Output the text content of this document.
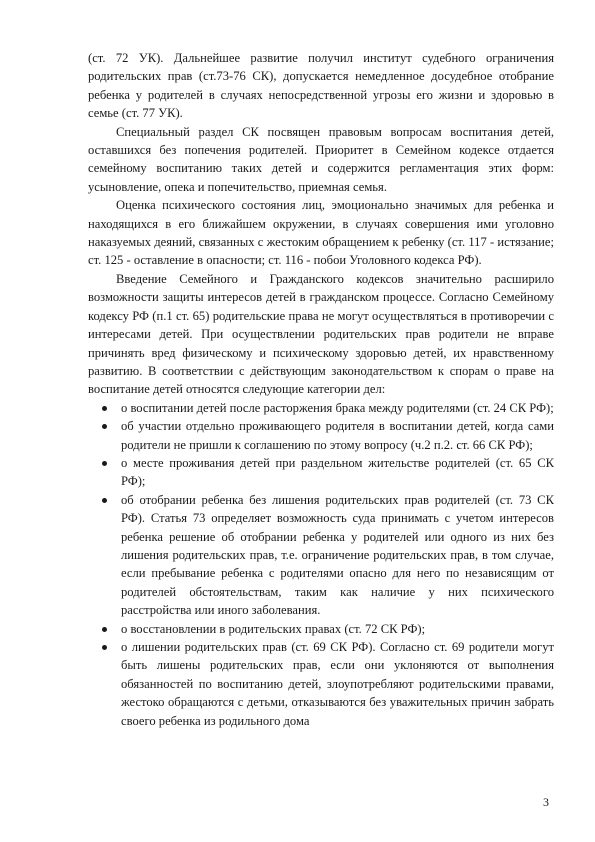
(ст. 72 УК). Дальнейшее развитие получил институт судебного ограничения родительских прав (ст.73-76 СК), допускается немедленное досудебное отобрание ребенка у родителей в случаях непосредственной угрозы его жизни и здоровью в семье (ст. 77 УК).

Специальный раздел СК посвящен правовым вопросам воспитания детей, оставшихся без попечения родителей. Приоритет в Семейном кодексе отдается семейному воспитанию таких детей и содержится регламентация этих форм: усыновление, опека и попечительство, приемная семья.

Оценка психического состояния лиц, эмоционально значимых для ребенка и находящихся в его ближайшем окружении, в случаях совершения ими уголовно наказуемых деяний, связанных с жестоким обращением к ребенку (ст. 117 - истязание; ст. 125 - оставление в опасности; ст. 116 - побои Уголовного кодекса РФ).

Введение Семейного и Гражданского кодексов значительно расширило возможности защиты интересов детей в гражданском процессе. Согласно Семейному кодексу РФ (п.1 ст. 65) родительские права не могут осуществляться в противоречии с интересами детей. При осуществлении родительских прав родители не вправе причинять вред физическому и психическому здоровью детей, их нравственному развитию. В соответствии с действующим законодательством к спорам о праве на воспитание детей относятся следующие категории дел:

о воспитании детей после расторжения брака между родителями (ст. 24 СК РФ);
об участии отдельно проживающего родителя в воспитании детей, когда сами родители не пришли к соглашению по этому вопросу (ч.2 п.2. ст. 66 СК РФ);
о месте проживания детей при раздельном жительстве родителей (ст. 65 СК РФ);
об отобрании ребенка без лишения родительских прав родителей (ст. 73 СК РФ). Статья 73 определяет возможность суда принимать с учетом интересов ребенка решение об отобрании ребенка у родителей или одного из них без лишения родительских прав, т.е. ограничение родительских прав, в том случае, если пребывание ребенка с родителями опасно для него по независящим от родителей обстоятельствам, таким как наличие у них психического расстройства или иного заболевания.
о восстановлении в родительских правах (ст. 72 СК РФ);
о лишении родительских прав (ст. 69 СК РФ). Согласно ст. 69 родители могут быть лишены родительских прав, если они уклоняются от выполнения обязанностей по воспитанию детей, злоупотребляют родительскими правами, жестоко обращаются с детьми, отказываются без уважительных причин забрать своего ребенка из родильного дома
3
